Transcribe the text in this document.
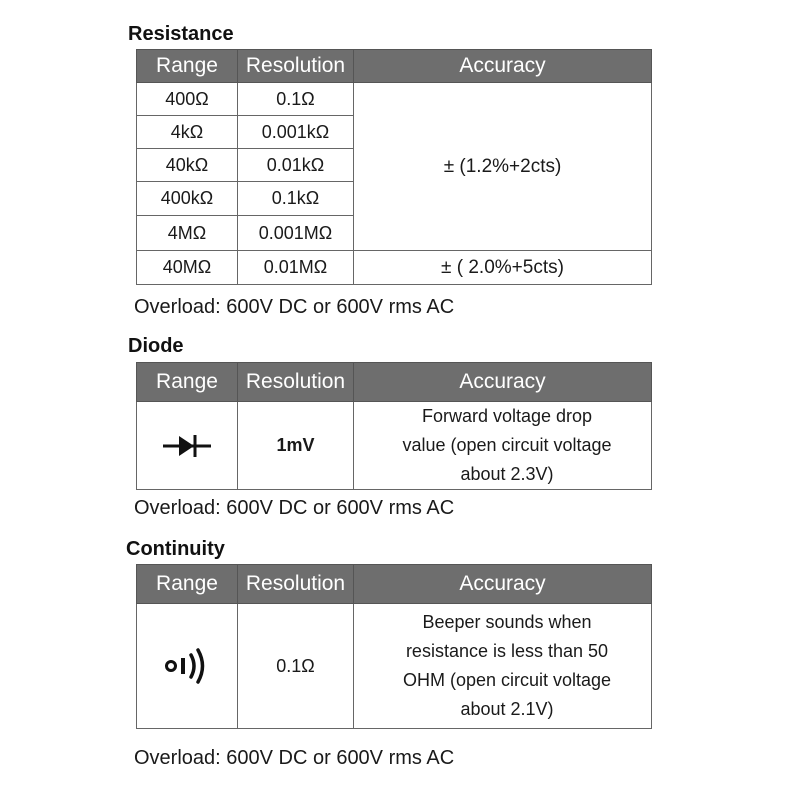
Resistance
Range	Resolution	Accuracy
400Ω	0.1Ω	± (1.2%+2cts)
4kΩ	0.001kΩ	
40kΩ	0.01kΩ	
400kΩ	0.1kΩ	
4MΩ	0.001MΩ	
40MΩ	0.01MΩ	± ( 2.0%+5cts)
Overload: 600V DC or 600V rms AC
Diode
Range	Resolution	Accuracy

	1mV	Forward voltage drop
value (open circuit voltage
about 2.3V)
Overload: 600V DC or 600V rms AC
Continuity
Range	Resolution	Accuracy

	0.1Ω	Beeper sounds when
resistance is less than 50
OHM (open circuit voltage
about 2.1V)
Overload: 600V DC or 600V rms AC
